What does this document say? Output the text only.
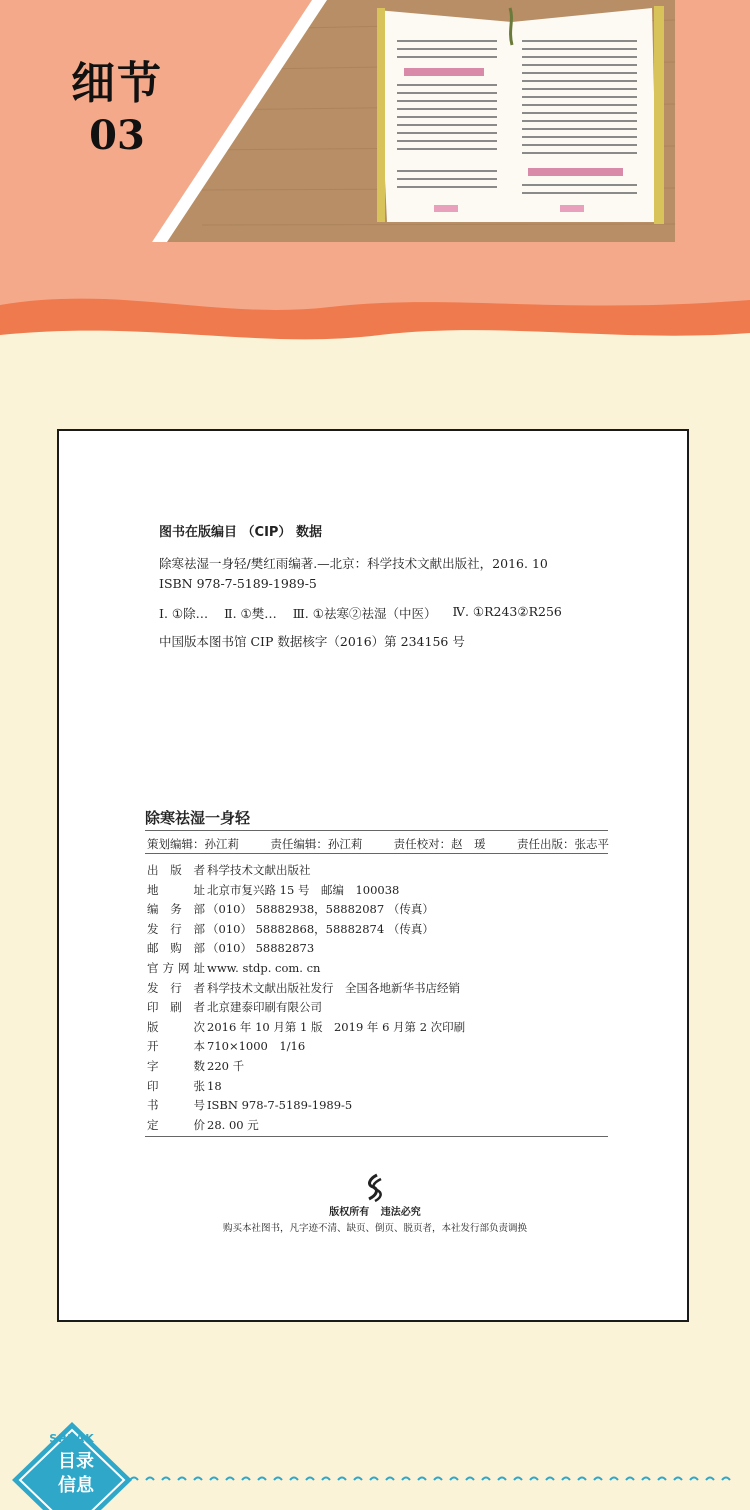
细节
03
图书在版编目 （CIP） 数据
除寒祛湿一身轻/樊红雨编著.—北京：科学技术文献出版社，2016. 10
ISBN 978-7-5189-1989-5
Ⅰ. ①除… Ⅱ. ①樊… Ⅲ. ①祛寒②祛湿（中医） Ⅳ. ①R243②R256
中国版本图书馆 CIP 数据核字（2016）第 234156 号
除寒祛湿一身轻
策划编辑：孙江莉	责任编辑：孙江莉	责任校对：赵　瑗	责任出版：张志平
出版者 科学技术文献出版社
地址 北京市复兴路 15 号　邮编　100038
编务部 （010） 58882938，58882087 （传真）
发行部 （010） 58882868，58882874 （传真）
邮购部 （010） 58882873
官方网址 www. stdp. com. cn
发行者 科学技术文献出版社发行　全国各地新华书店经销
印刷者 北京建泰印刷有限公司
版次 2016 年 10 月第 1 版　2019 年 6 月第 2 次印刷
开本 710×1000　1/16
字数 220 千
印张 18
书号 ISBN 978-7-5189-1989-5
定价 28. 00 元
版权所有 违法必究
购买本社图书，凡字迹不清、缺页、倒页、脱页者，本社发行部负责调换
SPEAK
目录
信息
